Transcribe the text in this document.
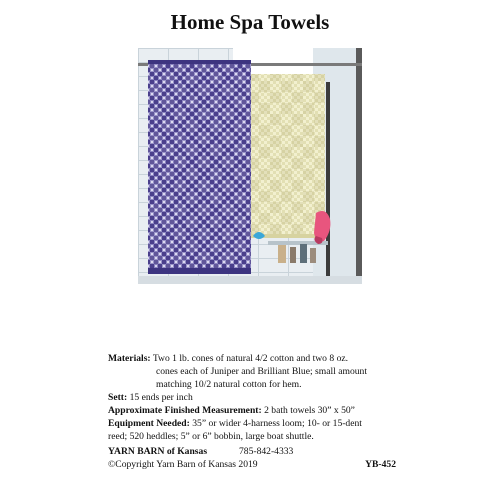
Home Spa Towels
Materials: Two 1 lb. cones of natural 4/2 cotton and two 8 oz.
cones each of Juniper and Brilliant Blue; small amount
matching 10/2 natural cotton for hem.
Sett: 15 ends per inch
Approximate Finished Measurement: 2 bath towels 30” x 50”
Equipment Needed: 35” or wider 4-harness loom; 10- or 15-dent
reed; 520 heddles; 5” or 6” bobbin, large boat shuttle.
YARN BARN of Kansas	785-842-4333
©Copyright Yarn Barn of Kansas 2019	YB-452
